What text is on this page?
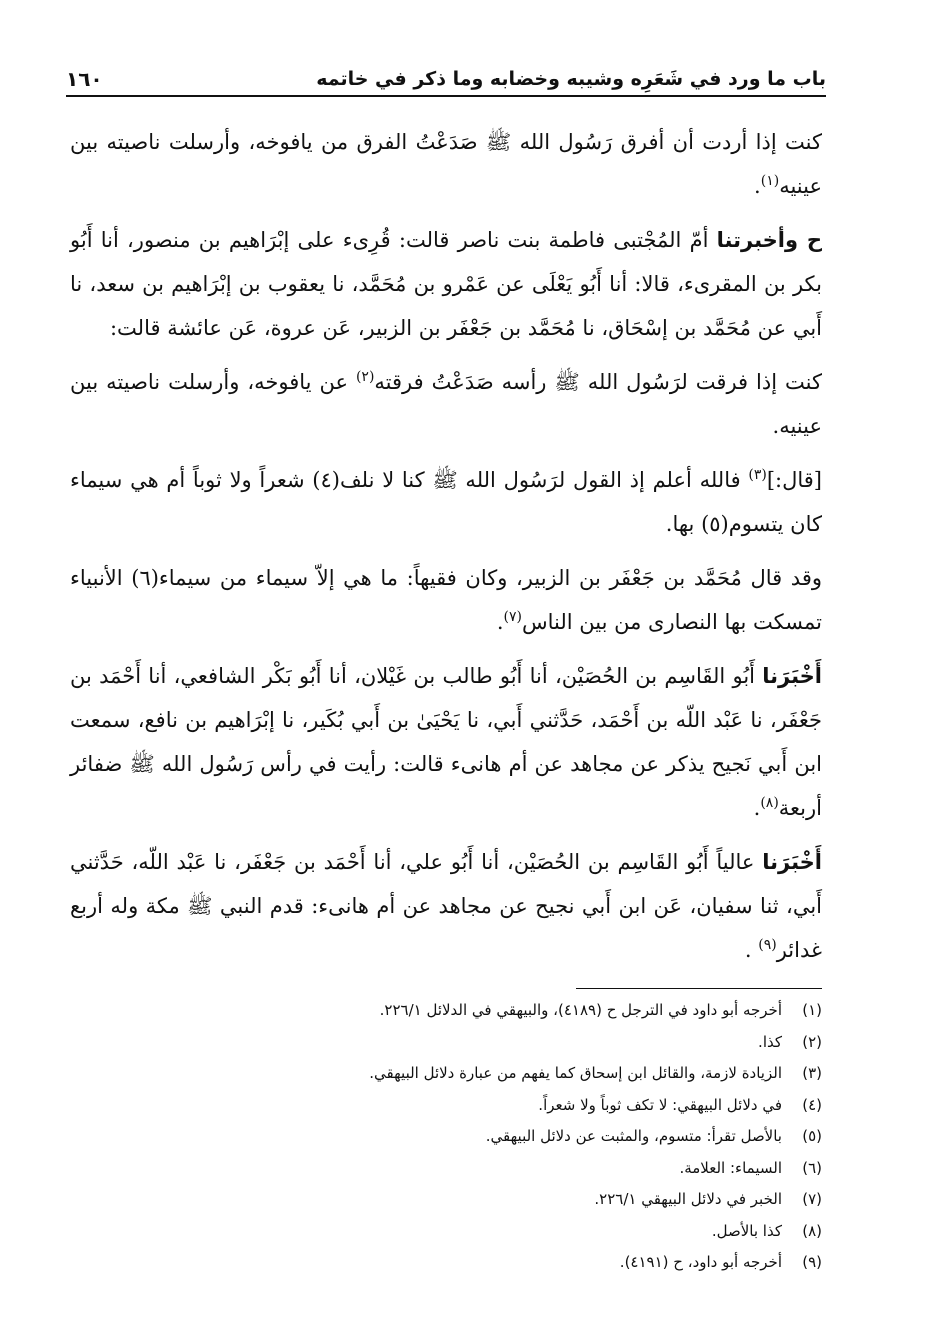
باب ما ورد في شَعَرِه وشيبه وخضابه وما ذكر في خاتمه
١٦٠

كنت إذا أردت أن أفرق رَسُول الله ﷺ صَدَعْتُ الفرق من يافوخه، وأرسلت ناصيته بين عينيه$^{(١)}$.

ح وأخبرتنا أمّ المُجْتبى فاطمة بنت ناصر قالت: قُرِىء على إبْرَاهيم بن منصور، أنا أَبُو بكر بن المقرىء، قالا: أنا أَبُو يَعْلَى عن عَمْرو بن مُحَمَّد، نا يعقوب بن إبْرَاهيم بن سعد، نا أَبي عن مُحَمَّد بن إسْحَاق، نا مُحَمَّد بن جَعْفَر بن الزبير، عَن عروة، عَن عائشة قالت:

كنت إذا فرقت لرَسُول الله ﷺ رأسه صَدَعْتُ فرقته$^{(٢)}$ عن يافوخه، وأرسلت ناصيته بين عينيه.

[قال:]$^{(٣)}$ فالله أعلم إذ القول لرَسُول الله ﷺ كنا لا نلف(٤) شعراً ولا ثوباً أم هي سيماء كان يتسوم(٥) بها.

وقد قال مُحَمَّد بن جَعْفَر بن الزبير، وكان فقيهاً: ما هي إلاّ سيماء من سيماء(٦) الأنبياء تمسكت بها النصارى من بين الناس$^{(٧)}$.

أَخْبَرَنا أَبُو القَاسِم بن الحُصَيْن، أنا أَبُو طالب بن غَيْلان، أنا أَبُو بَكْر الشافعي، أنا أَحْمَد بن جَعْفَر، نا عَبْد اللّه بن أَحْمَد، حَدَّثني أَبي، نا يَحْيَىٰ بن أَبي بُكَير، نا إبْرَاهيم بن نافع، سمعت ابن أَبي نَجيح يذكر عن مجاهد عن أم هانىء قالت: رأيت في رأس رَسُول الله ﷺ ضفائر أربعة$^{(٨)}$.

أَخْبَرَنا عالياً أَبُو القَاسِم بن الحُصَيْن، أنا أَبُو علي، أنا أَحْمَد بن جَعْفَر، نا عَبْد اللّه، حَدَّثني أَبي، ثنا سفيان، عَن ابن أَبي نجيح عن مجاهد عن أم هانىء: قدم النبي ﷺ مكة وله أربع غدائر$^{(٩)}$ .

(١)
أخرجه أبو داود في الترجل ح (٤١٨٩)، والبيهقي في الدلائل ٢٢٦/١.
(٢)
كذا.
(٣)
الزيادة لازمة، والقائل ابن إسحاق كما يفهم من عبارة دلائل البيهقي.
(٤)
في دلائل البيهقي: لا تكف ثوباً ولا شعراً.
(٥)
بالأصل تقرأ: متسوم، والمثبت عن دلائل البيهقي.
(٦)
السيماء: العلامة.
(٧)
الخبر في دلائل البيهقي ٢٢٦/١.
(٨)
كذا بالأصل.
(٩)
أخرجه أبو داود، ح (٤١٩١).
